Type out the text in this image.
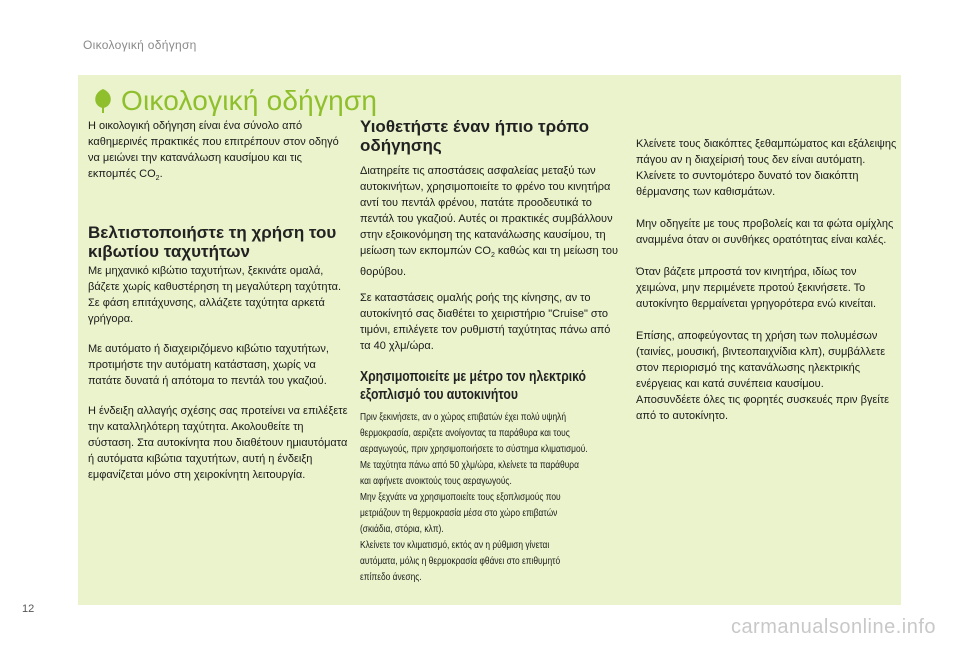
Οικολογική οδήγηση
Οικολογική οδήγηση

Η οικολογική οδήγηση είναι ένα σύνολο από καθημερινές πρακτικές που επιτρέπουν στον οδηγό να μειώνει την κατανάλωση καυσίμου και τις εκπομπές $CO_2$.

Βελτιστοποιήστε τη χρήση του κιβωτίου ταχυτήτων

Με μηχανικό κιβώτιο ταχυτήτων, ξεκινάτε ομαλά, βάζετε χωρίς καθυστέρηση τη μεγαλύτερη ταχύτητα. Σε φάση επιτάχυνσης, αλλάζετε ταχύτητα αρκετά γρήγορα.

Με αυτόματο ή διαχειριζόμενο κιβώτιο ταχυτήτων, προτιμήστε την αυτόματη κατάσταση, χωρίς να πατάτε δυνατά ή απότομα το πεντάλ του γκαζιού.

Η ένδειξη αλλαγής σχέσης σας προτείνει να επιλέξετε την καταλληλότερη ταχύτητα. Ακολουθείτε τη σύσταση. Στα αυτοκίνητα που διαθέτουν ημιαυτόματα ή αυτόματα κιβώτια ταχυτήτων, αυτή η ένδειξη εμφανίζεται μόνο στη χειροκίνητη λειτουργία.

Υιοθετήστε έναν ήπιο τρόπο οδήγησης

Διατηρείτε τις αποστάσεις ασφαλείας μεταξύ των αυτοκινήτων, χρησιμοποιείτε το φρένο του κινητήρα αντί του πεντάλ φρένου, πατάτε προοδευτικά το πεντάλ του γκαζιού. Αυτές οι πρακτικές συμβάλλουν στην εξοικονόμηση της κατανάλωσης καυσίμου, τη μείωση των εκπομπών $CO_2$ καθώς και τη μείωση του θορύβου.

Σε καταστάσεις ομαλής ροής της κίνησης, αν το αυτοκίνητό σας διαθέτει το χειριστήριο "Cruise" στο τιμόνι, επιλέγετε τον ρυθμιστή ταχύτητας πάνω από τα 40 χλμ/ώρα.

Χρησιμοποιείτε με μέτρο τον ηλεκτρικό εξοπλισμό του αυτοκινήτου

Πριν ξεκινήσετε, αν ο χώρος επιβατών έχει πολύ υψηλή

θερμοκρασία, αεριζετε ανοίγοντας τα παράθυρα και τους

αεραγωγούς, πριν χρησιμοποιήσετε το σύστημα κλιματισμού.

Με ταχύτητα πάνω από 50 χλμ/ώρα, κλείνετε τα παράθυρα

και αφήνετε ανοικτούς τους αεραγωγούς.

Μην ξεχνάτε να χρησιμοποιείτε τους εξοπλισμούς που

μετριάζουν τη θερμοκρασία μέσα στο χώρο επιβατών

(σκιάδια, στόρια, κλπ).

Κλείνετε τον κλιματισμό, εκτός αν η ρύθμιση γίνεται

αυτόματα, μόλις η θερμοκρασία φθάνει στο επιθυμητό

επίπεδο άνεσης.

Κλείνετε τους διακόπτες ξεθαμπώματος και εξάλειψης πάγου αν η διαχείρισή τους δεν είναι αυτόματη.
Κλείνετε το συντομότερο δυνατό τον διακόπτη θέρμανσης των καθισμάτων.

Μην οδηγείτε με τους προβολείς και τα φώτα ομίχλης αναμμένα όταν οι συνθήκες ορατότητας είναι καλές.

Όταν βάζετε μπροστά τον κινητήρα, ιδίως τον χειμώνα, μην περιμένετε προτού ξεκινήσετε. Το αυτοκίνητο θερμαίνεται γρηγορότερα ενώ κινείται.

Επίσης, αποφεύγοντας τη χρήση των πολυμέσων (ταινίες, μουσική, βιντεοπαιχνίδια κλπ), συμβάλλετε στον περιορισμό της κατανάλωσης ηλεκτρικής ενέργειας και κατά συνέπεια καυσίμου.
Αποσυνδέετε όλες τις φορητές συσκευές πριν βγείτε από το αυτοκίνητο.

12
carmanualsonline.info
